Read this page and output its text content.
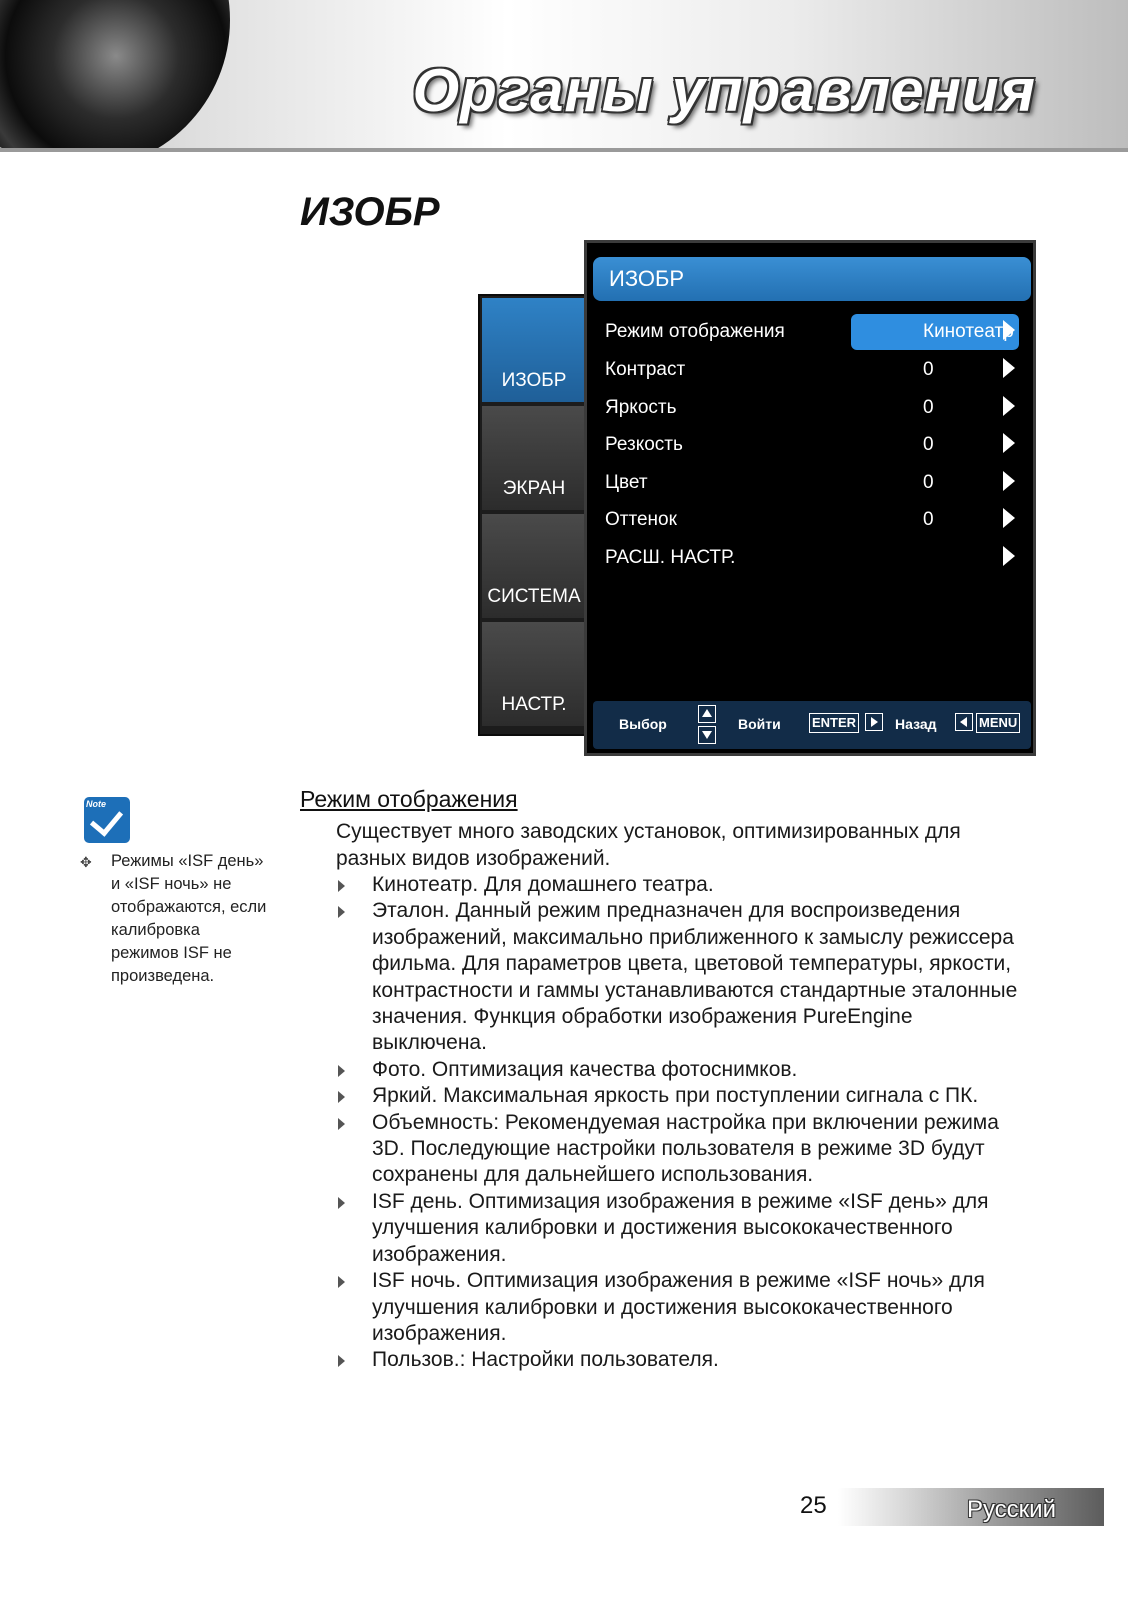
Органы управления
ИЗОБР
ИЗОБР
ЭКРАН
СИСТЕМА
НАСТР.
ИЗОБР
Режим отображения	Кинотеатр
Контраст	0
Яркость	0
Резкость	0
Цвет	0
Оттенок	0
РАСШ. НАСТР.
Выбор	Войти ENTER	Назад	MENU
Note
✥ Режимы «ISF день» и «ISF ночь» не отображаются, если калибровка режимов ISF не произведена.
Режим отображения
Существует много заводских установок, оптимизированных для разных видов изображений.
Кинотеатр. Для домашнего театра.
Эталон. Данный режим предназначен для воспроизведения изображений, максимально приближенного к замыслу режиссера фильма. Для параметров цвета, цветовой температуры, яркости, контрастности и гаммы устанавливаются стандартные эталонные значения. Функция обработки изображения PureEngine выключена.
Фото. Оптимизация качества фотоснимков.
Яркий. Максимальная яркость при поступлении сигнала с ПК.
Объемность: Рекомендуемая настройка при включении режима 3D. Последующие настройки пользователя в режиме 3D будут сохранены для дальнейшего использования.
ISF день. Оптимизация изображения в режиме «ISF день» для улучшения калибровки и достижения высококачественного изображения.
ISF ночь. Оптимизация изображения в режиме «ISF ночь» для улучшения калибровки и достижения высококачественного изображения.
Пользов.: Настройки пользователя.
25	Русский
